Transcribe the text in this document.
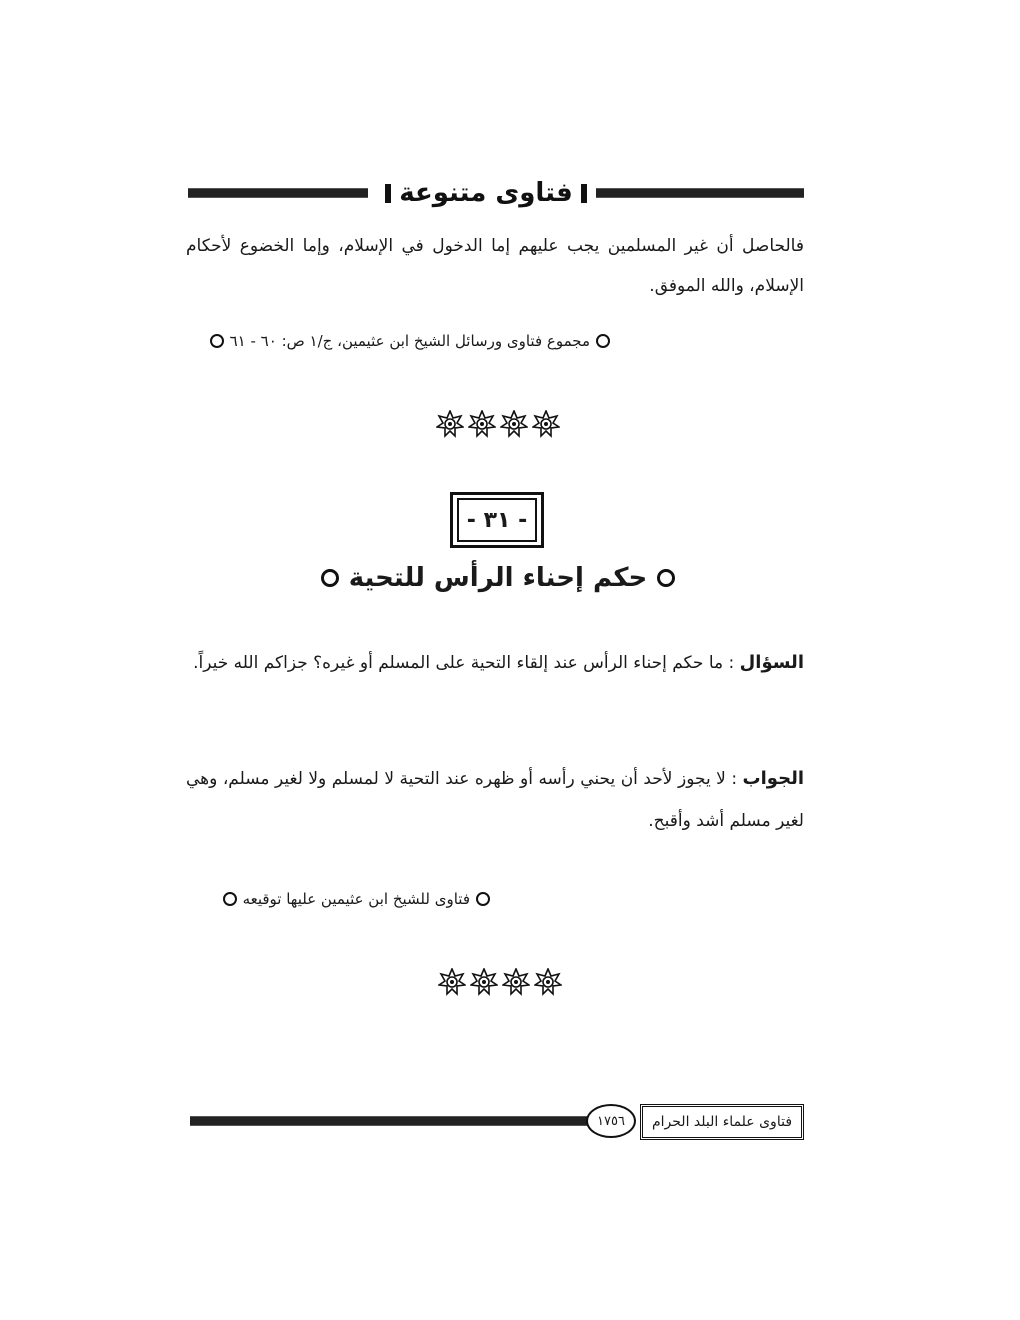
فتاوى متنوعة
فالحاصل أن غير المسلمين يجب عليهم إما الدخول في الإسلام، وإما الخضوع لأحكام الإسلام، والله الموفق.
مجموع فتاوى ورسائل الشيخ ابن عثيمين، ج/١ ص: ٦٠ - ٦١
- ٣١ -
حكم إحناء الرأس للتحية
السؤال : ما حكم إحناء الرأس عند إلقاء التحية على المسلم أو غيره؟ جزاكم الله خيراً.
الجواب : لا يجوز لأحد أن يحني رأسه أو ظهره عند التحية لا لمسلم ولا لغير مسلم، وهي لغير مسلم أشد وأقبح.
فتاوى للشيخ ابن عثيمين عليها توقيعه
١٧٥٦	فتاوى علماء البلد الحرام
